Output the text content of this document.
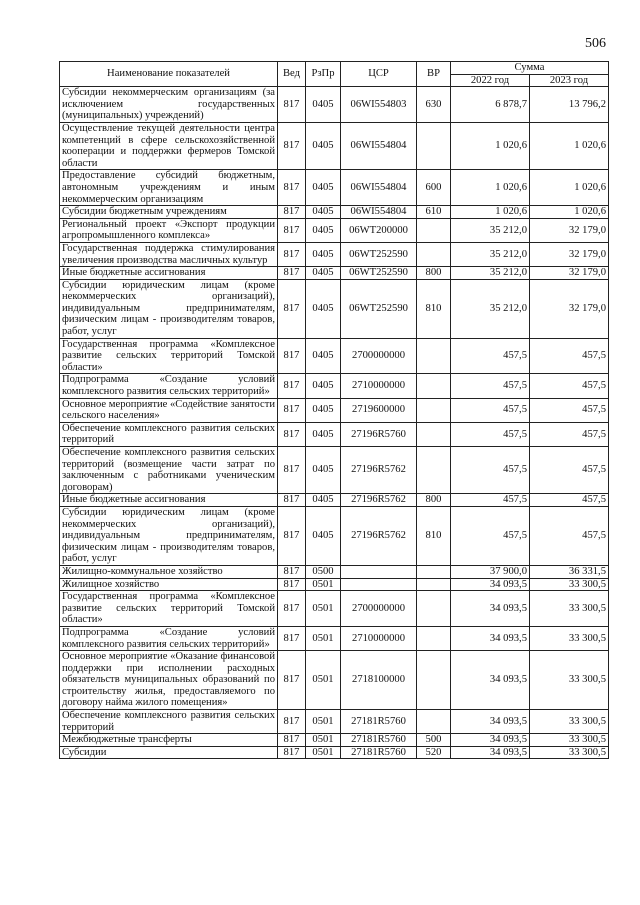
506
Наименование показателей	Вед	РзПр	ЦСР	ВР	Сумма	
					2022 год	2023 год
Субсидии некоммерческим организациям (за исключением государственных (муниципальных) учреждений)	817	0405	06WI554803	630	6 878,7	13 796,2
Осуществление текущей деятельности центра компетенций в сфере сельскохозяйственной кооперации и поддержки фермеров Томской области	817	0405	06WI554804		1 020,6	1 020,6
Предоставление субсидий бюджетным, автономным учреждениям и иным некоммерческим организациям	817	0405	06WI554804	600	1 020,6	1 020,6
Субсидии бюджетным учреждениям	817	0405	06WI554804	610	1 020,6	1 020,6
Региональный проект «Экспорт продукции агропромышленного комплекса»	817	0405	06WT200000		35 212,0	32 179,0
Государственная поддержка стимулирования увеличения производства масличных культур	817	0405	06WT252590		35 212,0	32 179,0
Иные бюджетные ассигнования	817	0405	06WT252590	800	35 212,0	32 179,0
Субсидии юридическим лицам (кроме некоммерческих организаций), индивидуальным предпринимателям, физическим лицам - производителям товаров, работ, услуг	817	0405	06WT252590	810	35 212,0	32 179,0
Государственная программа «Комплексное развитие сельских территорий Томской области»	817	0405	2700000000		457,5	457,5
Подпрограмма «Создание условий комплексного развития сельских территорий»	817	0405	2710000000		457,5	457,5
Основное мероприятие «Содействие занятости сельского населения»	817	0405	2719600000		457,5	457,5
Обеспечение комплексного развития сельских территорий	817	0405	27196R5760		457,5	457,5
Обеспечение комплексного развития сельских территорий (возмещение части затрат по заключенным с работниками ученическим договорам)	817	0405	27196R5762		457,5	457,5
Иные бюджетные ассигнования	817	0405	27196R5762	800	457,5	457,5
Субсидии юридическим лицам (кроме некоммерческих организаций), индивидуальным предпринимателям, физическим лицам - производителям товаров, работ, услуг	817	0405	27196R5762	810	457,5	457,5
Жилищно-коммунальное хозяйство	817	0500			37 900,0	36 331,5
Жилищное хозяйство	817	0501			34 093,5	33 300,5
Государственная программа «Комплексное развитие сельских территорий Томской области»	817	0501	2700000000		34 093,5	33 300,5
Подпрограмма «Создание условий комплексного развития сельских территорий»	817	0501	2710000000		34 093,5	33 300,5
Основное мероприятие «Оказание финансовой поддержки при исполнении расходных обязательств муниципальных образований по строительству жилья, предоставляемого по договору найма жилого помещения»	817	0501	2718100000		34 093,5	33 300,5
Обеспечение комплексного развития сельских территорий	817	0501	27181R5760		34 093,5	33 300,5
Межбюджетные трансферты	817	0501	27181R5760	500	34 093,5	33 300,5
Субсидии	817	0501	27181R5760	520	34 093,5	33 300,5
